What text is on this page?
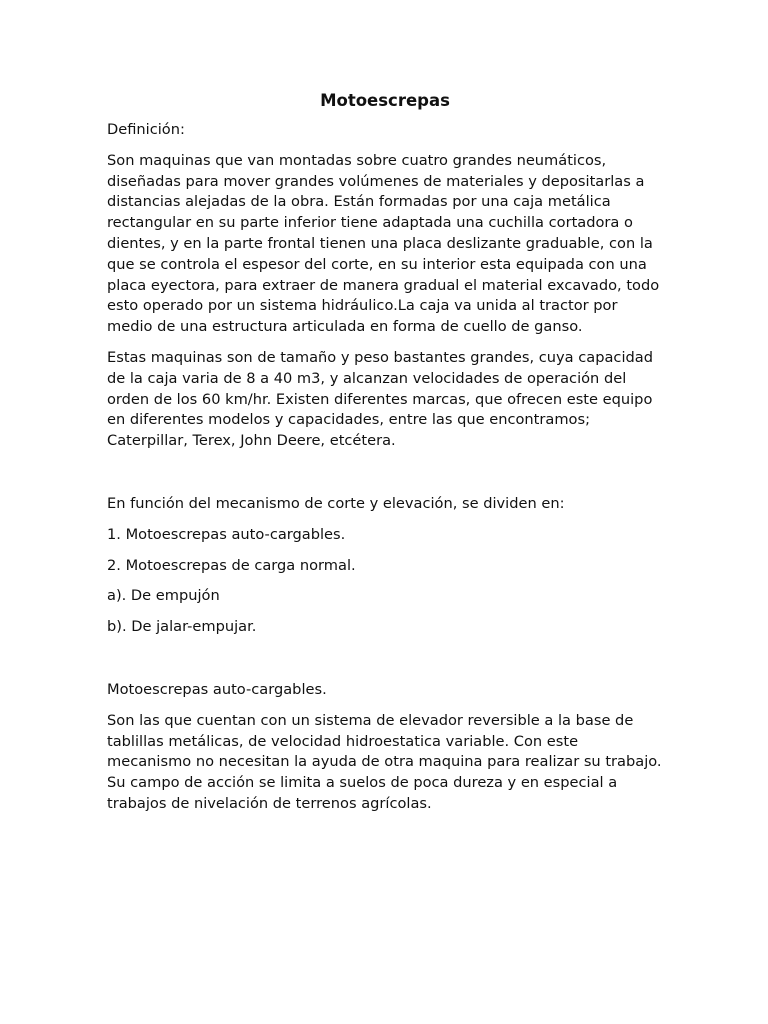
Motoescrepas

Definición:

Son maquinas que van montadas sobre cuatro grandes neumáticos, diseñadas para mover grandes volúmenes de materiales y depositarlas a distancias alejadas de la obra. Están formadas por una caja metálica rectangular en su parte inferior tiene adaptada una cuchilla cortadora o dientes, y en la parte frontal tienen una placa deslizante graduable, con la que se controla el espesor del corte, en su interior esta equipada con una placa eyectora, para extraer de manera gradual el material excavado, todo esto operado por un sistema hidráulico.La caja va unida al tractor por medio de una estructura articulada en forma de cuello de ganso.

Estas maquinas son de tamaño y peso bastantes grandes, cuya capacidad de la caja varia de 8 a 40 m3, y alcanzan velocidades de operación del orden de los 60 km/hr. Existen diferentes marcas, que ofrecen este equipo en diferentes modelos y capacidades, entre las que encontramos; Caterpillar, Terex, John Deere, etcétera.

En función del mecanismo de corte y elevación, se dividen en:

1. Motoescrepas auto-cargables.

2. Motoescrepas de carga normal.

a). De empujón

b). De jalar-empujar.

Motoescrepas auto-cargables.

Son las que cuentan con un sistema de elevador reversible a la base de tablillas metálicas, de velocidad hidroestatica variable. Con este mecanismo no necesitan la ayuda de otra maquina para realizar su trabajo. Su campo de acción se limita a suelos de poca dureza y en especial a trabajos de nivelación de terrenos agrícolas.
